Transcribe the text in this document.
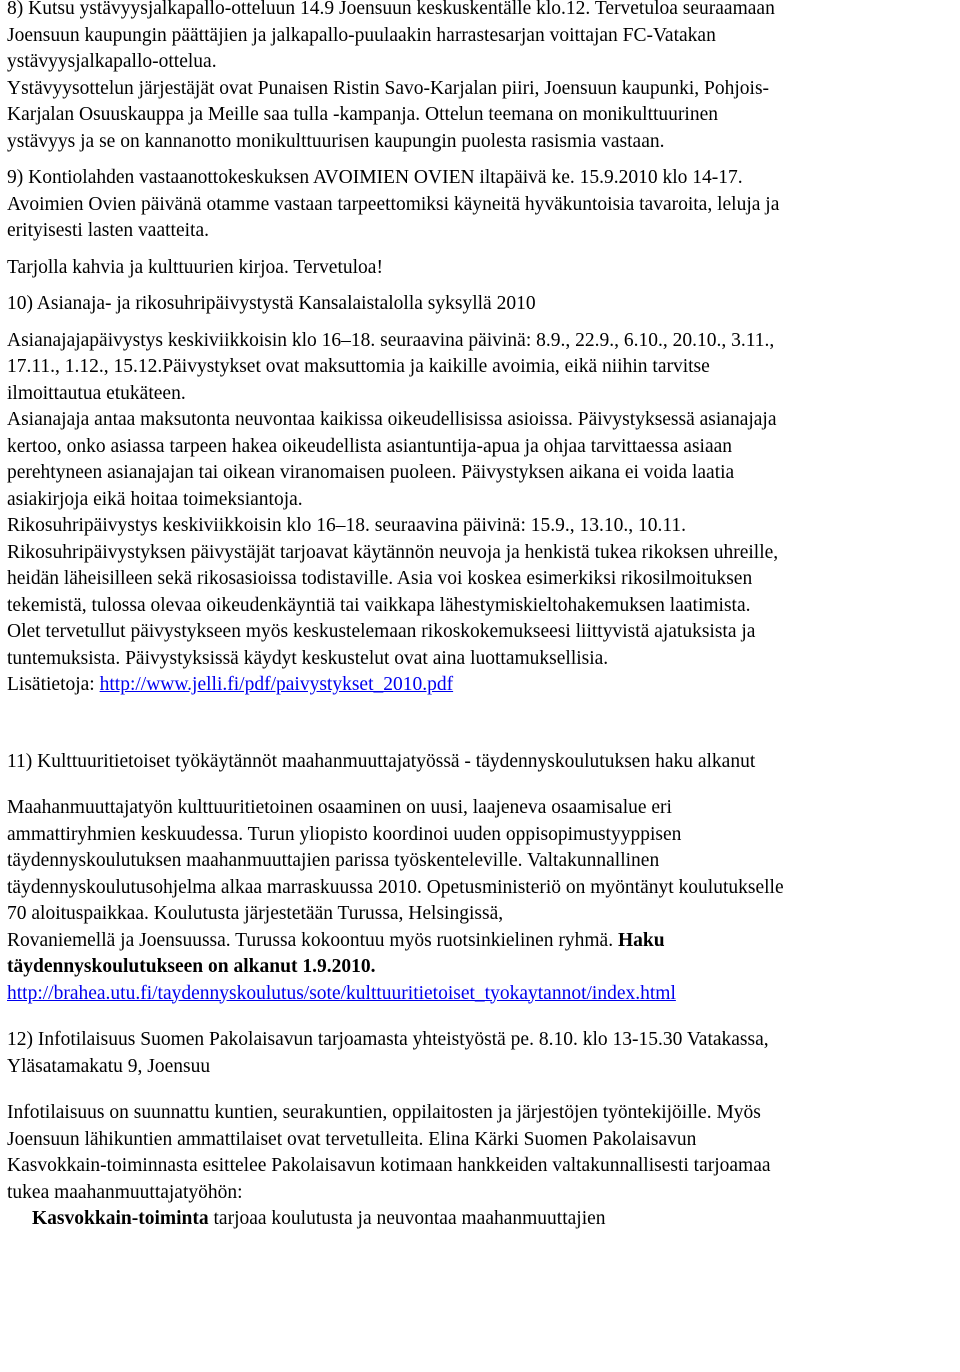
8) Kutsu ystävyysjalkapallo-otteluun 14.9 Joensuun keskuskentälle klo.12. Tervetuloa seuraamaan
Joensuun kaupungin päättäjien ja jalkapallo-puulaakin harrastesarjan voittajan FC-Vatakan
ystävyysjalkapallo-ottelua.
Ystävyysottelun järjestäjät ovat Punaisen Ristin Savo-Karjalan piiri, Joensuun kaupunki, Pohjois-
Karjalan Osuuskauppa ja Meille saa tulla -kampanja. Ottelun teemana on monikulttuurinen
ystävyys ja se on kannanotto monikulttuurisen kaupungin puolesta rasismia vastaan.
9) Kontiolahden vastaanottokeskuksen AVOIMIEN OVIEN iltapäivä ke. 15.9.2010 klo 14-17.
Avoimien Ovien päivänä otamme vastaan tarpeettomiksi käyneitä hyväkuntoisia tavaroita, leluja ja
erityisesti lasten vaatteita.
Tarjolla kahvia ja kulttuurien kirjoa. Tervetuloa!
10) Asianaja- ja rikosuhripäivystystä Kansalaistalolla syksyllä 2010
Asianajajapäivystys keskiviikkoisin klo 16–18. seuraavina päivinä: 8.9., 22.9., 6.10., 20.10., 3.11.,
17.11., 1.12., 15.12.Päivystykset ovat maksuttomia ja kaikille avoimia, eikä niihin tarvitse
ilmoittautua etukäteen.
Asianajaja antaa maksutonta neuvontaa kaikissa oikeudellisissa asioissa. Päivystyksessä asianajaja
kertoo, onko asiassa tarpeen hakea oikeudellista asiantuntija-apua ja ohjaa tarvittaessa asiaan
perehtyneen asianajajan tai oikean viranomaisen puoleen. Päivystyksen aikana ei voida laatia
asiakirjoja eikä hoitaa toimeksiantoja.
Rikosuhripäivystys keskiviikkoisin klo 16–18. seuraavina päivinä: 15.9., 13.10., 10.11.
Rikosuhripäivystyksen päivystäjät tarjoavat käytännön neuvoja ja henkistä tukea rikoksen uhreille,
heidän läheisilleen sekä rikosasioissa todistaville. Asia voi koskea esimerkiksi rikosilmoituksen
tekemistä, tulossa olevaa oikeudenkäyntiä tai vaikkapa lähestymiskieltohakemuksen laatimista.
Olet tervetullut päivystykseen myös keskustelemaan rikoskokemukseesi liittyvistä ajatuksista ja
tuntemuksista. Päivystyksissä käydyt keskustelut ovat aina luottamuksellisia.
Lisätietoja: http://www.jelli.fi/pdf/paivystykset_2010.pdf
11) Kulttuuritietoiset työkäytännöt maahanmuuttajatyössä - täydennyskoulutuksen haku alkanut
Maahanmuuttajatyön kulttuuritietoinen osaaminen on uusi, laajeneva osaamisalue eri
ammattiryhmien keskuudessa. Turun yliopisto koordinoi uuden oppisopimustyyppisen
täydennyskoulutuksen maahanmuuttajien parissa työskenteleville. Valtakunnallinen
täydennyskoulutusohjelma alkaa marraskuussa 2010. Opetusministeriö on myöntänyt koulutukselle
70 aloituspaikkaa. Koulutusta järjestetään Turussa, Helsingissä,
Rovaniemellä ja Joensuussa. Turussa kokoontuu myös ruotsinkielinen ryhmä. Haku
täydennyskoulutukseen on alkanut 1.9.2010.
http://brahea.utu.fi/taydennyskoulutus/sote/kulttuuritietoiset_tyokaytannot/index.html
12) Infotilaisuus Suomen Pakolaisavun tarjoamasta yhteistyöstä pe. 8.10. klo 13-15.30 Vatakassa,
Yläsatamakatu 9, Joensuu
Infotilaisuus on suunnattu kuntien, seurakuntien, oppilaitosten ja järjestöjen työntekijöille. Myös
Joensuun lähikuntien ammattilaiset ovat tervetulleita. Elina Kärki Suomen Pakolaisavun
Kasvokkain-toiminnasta esittelee Pakolaisavun kotimaan hankkeiden valtakunnallisesti tarjoamaa
tukea maahanmuuttajatyöhön:
Kasvokkain-toiminta tarjoaa koulutusta ja neuvontaa maahanmuuttajien
